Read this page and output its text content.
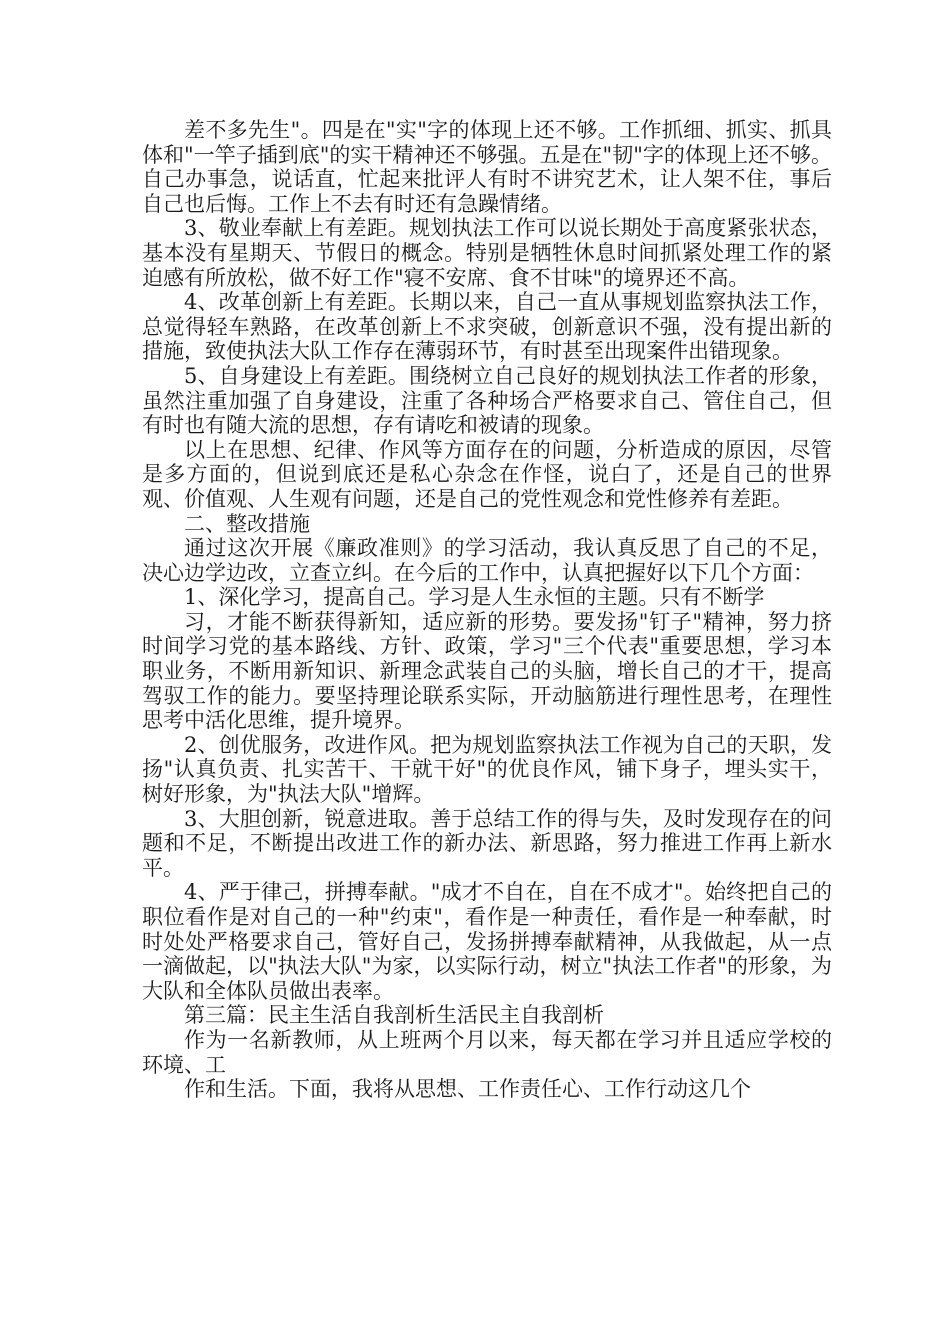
差不多先生"。四是在"实"字的体现上还不够。工作抓细、抓实、抓具体和"一竿子插到底"的实干精神还不够强。五是在"韧"字的体现上还不够。自己办事急，说话直，忙起来批评人有时不讲究艺术，让人架不住，事后自己也后悔。工作上不去有时还有急躁情绪。

3、敬业奉献上有差距。规划执法工作可以说长期处于高度紧张状态，基本没有星期天、节假日的概念。特别是牺牲休息时间抓紧处理工作的紧迫感有所放松，做不好工作"寝不安席、食不甘味"的境界还不高。

4、改革创新上有差距。长期以来，自己一直从事规划监察执法工作，总觉得轻车熟路，在改革创新上不求突破，创新意识不强，没有提出新的措施，致使执法大队工作存在薄弱环节，有时甚至出现案件出错现象。

5、自身建设上有差距。围绕树立自己良好的规划执法工作者的形象，虽然注重加强了自身建设，注重了各种场合严格要求自己、管住自己，但有时也有随大流的思想，存有请吃和被请的现象。

以上在思想、纪律、作风等方面存在的问题，分析造成的原因，尽管是多方面的，但说到底还是私心杂念在作怪，说白了，还是自己的世界观、价值观、人生观有问题，还是自己的党性观念和党性修养有差距。

二、整改措施

通过这次开展《廉政准则》的学习活动，我认真反思了自己的不足，决心边学边改，立查立纠。在今后的工作中，认真把握好以下几个方面：

1、深化学习，提高自己。学习是人生永恒的主题。只有不断学

习，才能不断获得新知，适应新的形势。要发扬"钉子"精神，努力挤时间学习党的基本路线、方针、政策，学习"三个代表"重要思想，学习本职业务，不断用新知识、新理念武装自己的头脑，增长自己的才干，提高驾驭工作的能力。要坚持理论联系实际，开动脑筋进行理性思考，在理性思考中活化思维，提升境界。

2、创优服务，改进作风。把为规划监察执法工作视为自己的天职，发扬"认真负责、扎实苦干、干就干好"的优良作风，铺下身子，埋头实干，树好形象，为"执法大队"增辉。

3、大胆创新，锐意进取。善于总结工作的得与失，及时发现存在的问题和不足，不断提出改进工作的新办法、新思路，努力推进工作再上新水平。

4、严于律己，拼搏奉献。"成才不自在，自在不成才"。始终把自己的职位看作是对自己的一种"约束"，看作是一种责任，看作是一种奉献，时时处处严格要求自己，管好自己，发扬拼搏奉献精神，从我做起，从一点一滴做起，以"执法大队"为家，以实际行动，树立"执法工作者"的形象，为大队和全体队员做出表率。

第三篇：民主生活自我剖析生活民主自我剖析

作为一名新教师，从上班两个月以来，每天都在学习并且适应学校的环境、工

作和生活。下面，我将从思想、工作责任心、工作行动这几个
